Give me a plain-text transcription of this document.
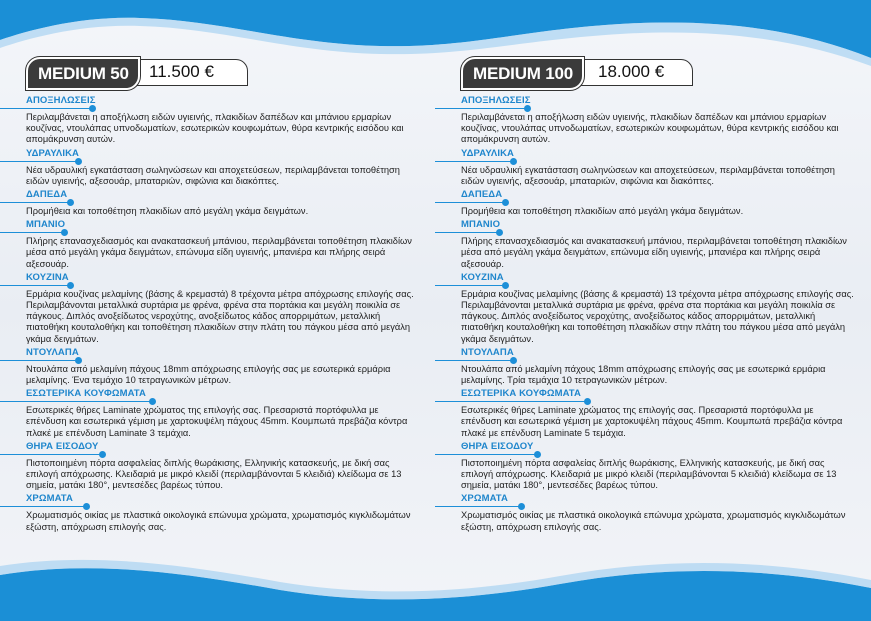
11.500 €
MEDIUM 50
ΑΠΟΞΗΛΩΣΕΙΣ
Περιλαμβάνεται η αποξήλωση ειδών υγιεινής, πλακιδίων δαπέδων και μπάνιου ερμαρίων κουζίνας, ντουλάπας υπνοδωματίων, εσωτερικών κουφωμάτων, θύρα κεντρικής εισόδου και απομάκρυνση αυτών.
ΥΔΡΑΥΛΙΚΑ
Νέα υδραυλική εγκατάσταση σωληνώσεων και αποχετεύσεων, περιλαμβάνεται τοποθέτηση ειδών υγιεινής, αξεσουάρ, μπαταριών, σιφώνια και διακόπτες.
ΔΑΠΕΔΑ
Προμήθεια και τοποθέτηση πλακιδίων από μεγάλη γκάμα δειγμάτων.
ΜΠΑΝΙΟ
Πλήρης επανασχεδιασμός και ανακατασκευή μπάνιου, περιλαμβάνεται τοποθέτηση πλακιδίων μέσα από μεγάλη γκάμα δειγμάτων, επώνυμα είδη υγιεινής, μπανιέρα και πλήρης σειρά αξεσουάρ.
ΚΟΥΖΙΝΑ
Ερμάρια κουζίνας μελαμίνης (βάσης & κρεμαστά) 8 τρέχοντα μέτρα απόχρωσης επιλογής σας. Περιλαμβάνονται μεταλλικά συρτάρια με φρένα, φρένα στα πορτάκια και μεγάλη ποικιλία σε πάγκους. Διπλός ανοξείδωτος νεροχύτης, ανοξείδωτος κάδος απορριμάτων, μεταλλική πιατοθήκη κουταλοθήκη και τοποθέτηση πλακιδίων στην πλάτη του πάγκου μέσα από μεγάλη γκάμα δειγμάτων.
ΝΤΟΥΛΑΠΑ
Ντουλάπα από μελαμίνη πάχους 18mm απόχρωσης επιλογής σας με εσωτερικά ερμάρια μελαμίνης. Ένα τεμάχιο 10 τετραγωνικών μέτρων.
ΕΣΩΤΕΡΙΚΑ ΚΟΥΦΩΜΑΤΑ
Εσωτερικές θήρες Laminate χρώματος της επιλογής σας. Πρεσαριστά πορτόφυλλα με επένδυση και εσωτερικά γέμιση με χαρτοκυψέλη πάχους 45mm. Κουμπωτά πρεβάζια κόντρα πλακέ με επένδυση Laminate 3 τεμάχια.
ΘΗΡΑ ΕΙΣΟΔΟΥ
Πιστοποιημένη πόρτα ασφαλείας διπλής θωράκισης, Ελληνικής κατασκευής, με δική σας επιλογή απόχρωσης. Κλειδαριά με μικρό κλειδί (περιλαμβάνονται 5 κλειδιά) κλείδωμα σε 13 σημεία, ματάκι 180°, μεντεσέδες βαρέως τύπου.
ΧΡΩΜΑΤΑ
Χρωματισμός οικίας με πλαστικά οικολογικά επώνυμα χρώματα, χρωματισμός κιγκλιδωμάτων εξώστη, απόχρωση επιλογής σας.
18.000 €
MEDIUM 100
ΑΠΟΞΗΛΩΣΕΙΣ
Περιλαμβάνεται η αποξήλωση ειδών υγιεινής, πλακιδίων δαπέδων και μπάνιου ερμαρίων κουζίνας, ντουλάπας υπνοδωματίων, εσωτερικών κουφωμάτων, θύρα κεντρικής εισόδου και απομάκρυνση αυτών.
ΥΔΡΑΥΛΙΚΑ
Νέα υδραυλική εγκατάσταση σωληνώσεων και αποχετεύσεων, περιλαμβάνεται τοποθέτηση ειδών υγιεινής, αξεσουάρ, μπαταριών, σιφώνια και διακόπτες.
ΔΑΠΕΔΑ
Προμήθεια και τοποθέτηση πλακιδίων από μεγάλη γκάμα δειγμάτων.
ΜΠΑΝΙΟ
Πλήρης επανασχεδιασμός και ανακατασκευή μπάνιου, περιλαμβάνεται τοποθέτηση πλακιδίων μέσα από μεγάλη γκάμα δειγμάτων, επώνυμα είδη υγιεινής, μπανιέρα και πλήρης σειρά αξεσουάρ.
ΚΟΥΖΙΝΑ
Ερμάρια κουζίνας μελαμίνης (βάσης & κρεμαστά) 13 τρέχοντα μέτρα απόχρωσης επιλογής σας. Περιλαμβάνονται μεταλλικά συρτάρια με φρένα, φρένα στα πορτάκια και μεγάλη ποικιλία σε πάγκους. Διπλός ανοξείδωτος νεροχύτης, ανοξείδωτος κάδος απορριμάτων, μεταλλική πιατοθήκη κουταλοθήκη και τοποθέτηση πλακιδίων στην πλάτη του πάγκου μέσα από μεγάλη γκάμα δειγμάτων.
ΝΤΟΥΛΑΠΑ
Ντουλάπα από μελαμίνη πάχους 18mm απόχρωσης επιλογής σας με εσωτερικά ερμάρια μελαμίνης. Τρία τεμάχια 10 τετραγωνικών μέτρων.
ΕΣΩΤΕΡΙΚΑ ΚΟΥΦΩΜΑΤΑ
Εσωτερικές θήρες Laminate χρώματος της επιλογής σας. Πρεσαριστά πορτόφυλλα με επένδυση και εσωτερικά γέμιση με χαρτοκυψέλη πάχους 45mm. Κουμπωτά πρεβάζια κόντρα πλακέ με επένδυση Laminate 5 τεμάχια.
ΘΗΡΑ ΕΙΣΟΔΟΥ
Πιστοποιημένη πόρτα ασφαλείας διπλής θωράκισης, Ελληνικής κατασκευής, με δική σας επιλογή απόχρωσης. Κλειδαριά με μικρό κλειδί (περιλαμβάνονται 5 κλειδιά) κλείδωμα σε 13 σημεία, ματάκι 180°, μεντεσέδες βαρέως τύπου.
ΧΡΩΜΑΤΑ
Χρωματισμός οικίας με πλαστικά οικολογικά επώνυμα χρώματα, χρωματισμός κιγκλιδωμάτων εξώστη, απόχρωση επιλογής σας.
